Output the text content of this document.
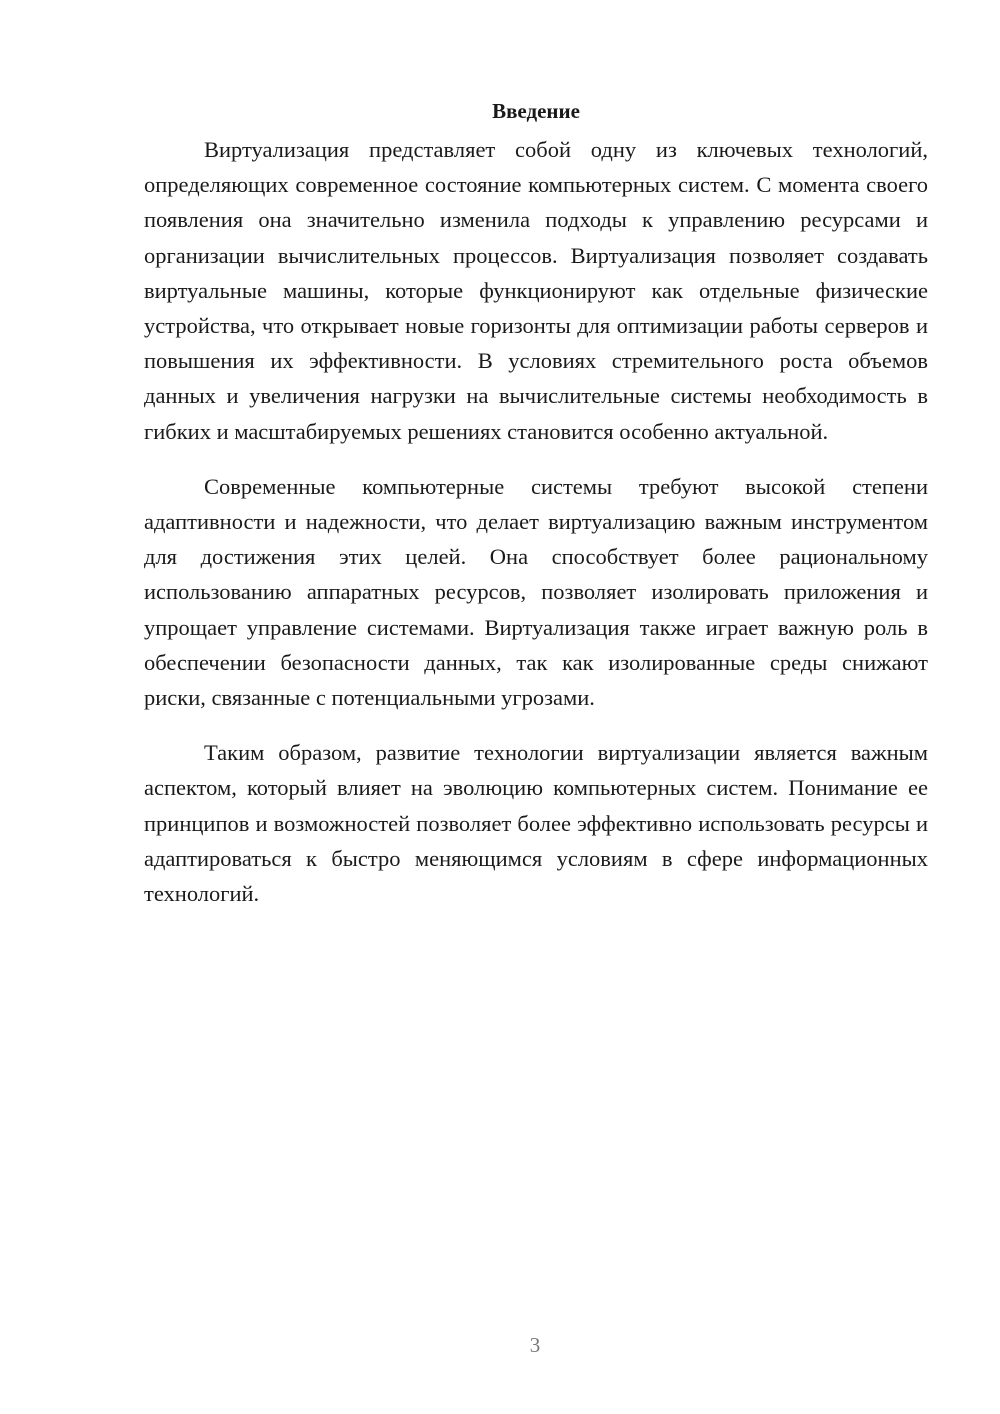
Введение

Виртуализация представляет собой одну из ключевых технологий, определяющих современное состояние компьютерных систем. С момента своего появления она значительно изменила подходы к управлению ресурсами и организации вычислительных процессов. Виртуализация позволяет создавать виртуальные машины, которые функционируют как отдельные физические устройства, что открывает новые горизонты для оптимизации работы серверов и повышения их эффективности. В условиях стремительного роста объемов данных и увеличения нагрузки на вычислительные системы необходимость в гибких и масштабируемых решениях становится особенно актуальной.

Современные компьютерные системы требуют высокой степени адаптивности и надежности, что делает виртуализацию важным инструментом для достижения этих целей. Она способствует более рациональному использованию аппаратных ресурсов, позволяет изолировать приложения и упрощает управление системами. Виртуализация также играет важную роль в обеспечении безопасности данных, так как изолированные среды снижают риски, связанные с потенциальными угрозами.

Таким образом, развитие технологии виртуализации является важным аспектом, который влияет на эволюцию компьютерных систем. Понимание ее принципов и возможностей позволяет более эффективно использовать ресурсы и адаптироваться к быстро меняющимся условиям в сфере информационных технологий.

3
